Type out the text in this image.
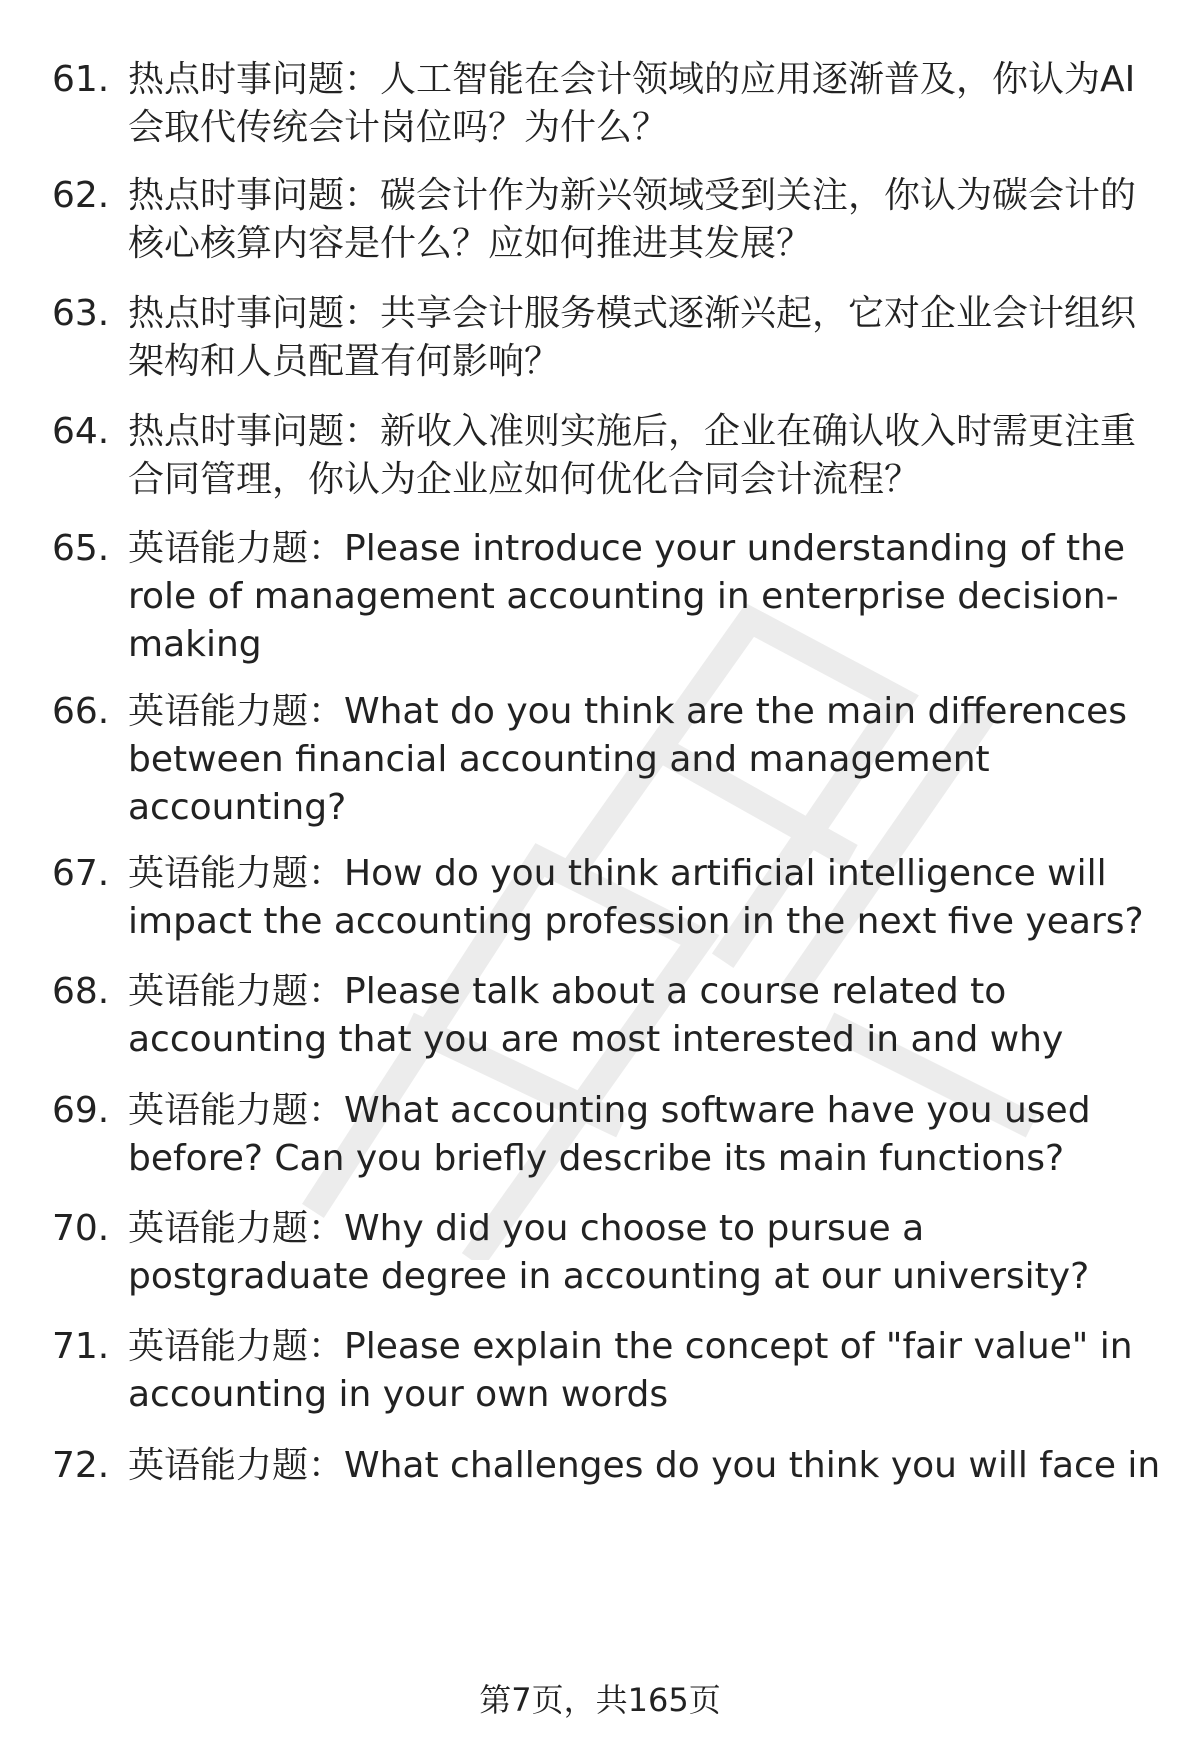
61. 热点时事问题：人工智能在会计领域的应用逐渐普及，你认为AI会取代传统会计岗位吗？为什么？
62. 热点时事问题：碳会计作为新兴领域受到关注，你认为碳会计的核心核算内容是什么？应如何推进其发展？
63. 热点时事问题：共享会计服务模式逐渐兴起，它对企业会计组织架构和人员配置有何影响？
64. 热点时事问题：新收入准则实施后，企业在确认收入时需更注重合同管理，你认为企业应如何优化合同会计流程？
65. 英语能力题：Please introduce your understanding of the role of management accounting in enterprise decision-making
66. 英语能力题：What do you think are the main differences between financial accounting and management accounting?
67. 英语能力题：How do you think artificial intelligence will impact the accounting profession in the next five years?
68. 英语能力题：Please talk about a course related to accounting that you are most interested in and why
69. 英语能力题：What accounting software have you used before? Can you briefly describe its main functions?
70. 英语能力题：Why did you choose to pursue a postgraduate degree in accounting at our university?
71. 英语能力题：Please explain the concept of "fair value" in accounting in your own words
72. 英语能力题：What challenges do you think you will face in
第7页，共165页
